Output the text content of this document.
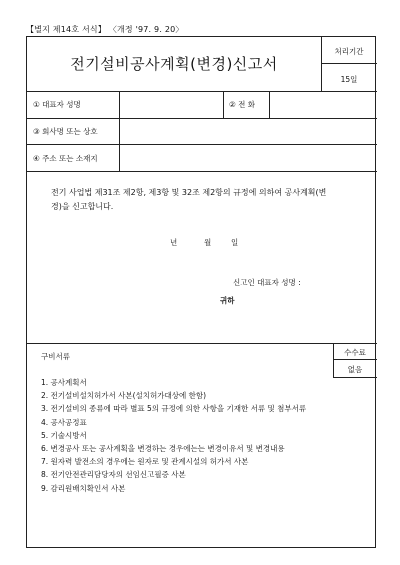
【별지 제14호 서식】 〈개정 '97. 9. 20〉
전기설비공사계획(변경)신고서
처리기간
15일
① 대표자 성명	② 전 화
③ 회사명 또는 상호
④ 주소 또는 소재지
전기 사업법 제31조 제2항, 제3항 및 32조 제2항의 규정에 의하여 공사계획(변
경)을 신고합니다.
년	월	일
신고인 대표자 성명 :
귀하
구비서류	수수료
없음
1. 공사계획서
2. 전기설비설치허가서 사본(설치허가대상에 한함)
3. 전기설비의 종류에 따라 별표 5의 규정에 의한 사항을 기재한 서류 및 첨부서류
4. 공사공정표
5. 기술시방서
6. 변경공사 또는 공사계획을 변경하는 경우에는는 변경이유서 및 변경내용
7. 원자력 발전소의 경우에는 원자로 및 관계시설의 허가서 사본
8. 전기안전관리담당자의 선임신고필증 사본
9. 감리원배치확인서 사본
